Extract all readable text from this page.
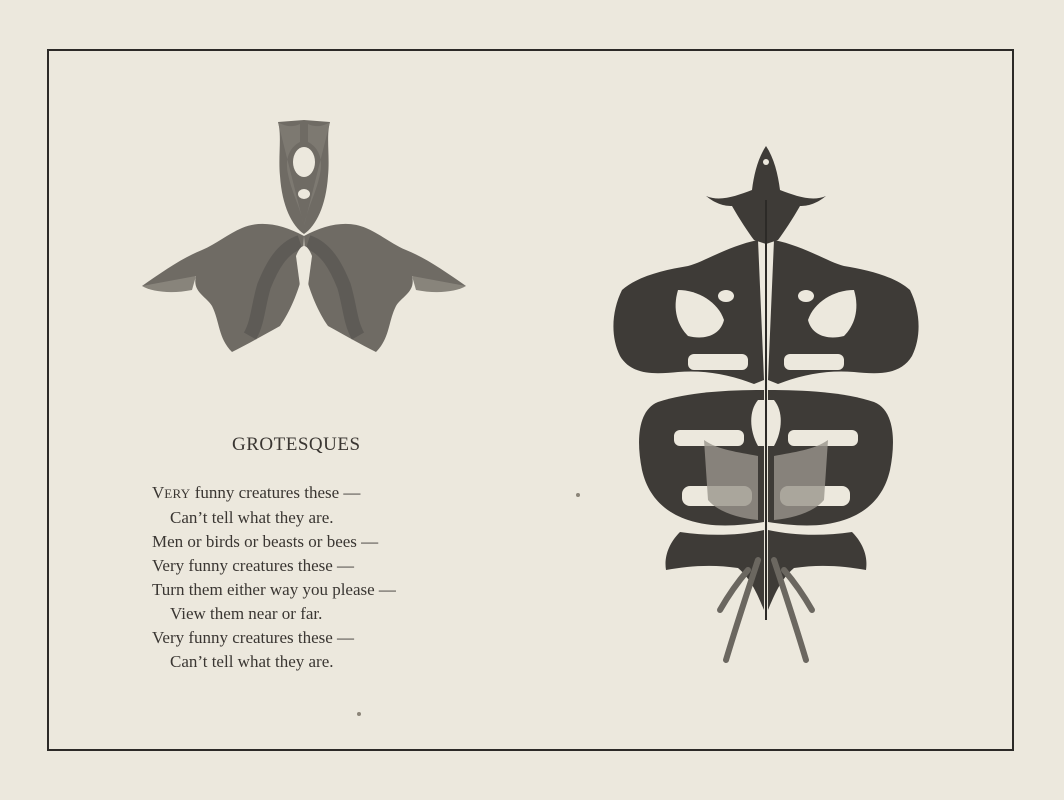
GROTESQUES
VERY funny creatures these —
Can’t tell what they are.
Men or birds or beasts or bees —
Very funny creatures these —
Turn them either way you please —
View them near or far.
Very funny creatures these —
Can’t tell what they are.
